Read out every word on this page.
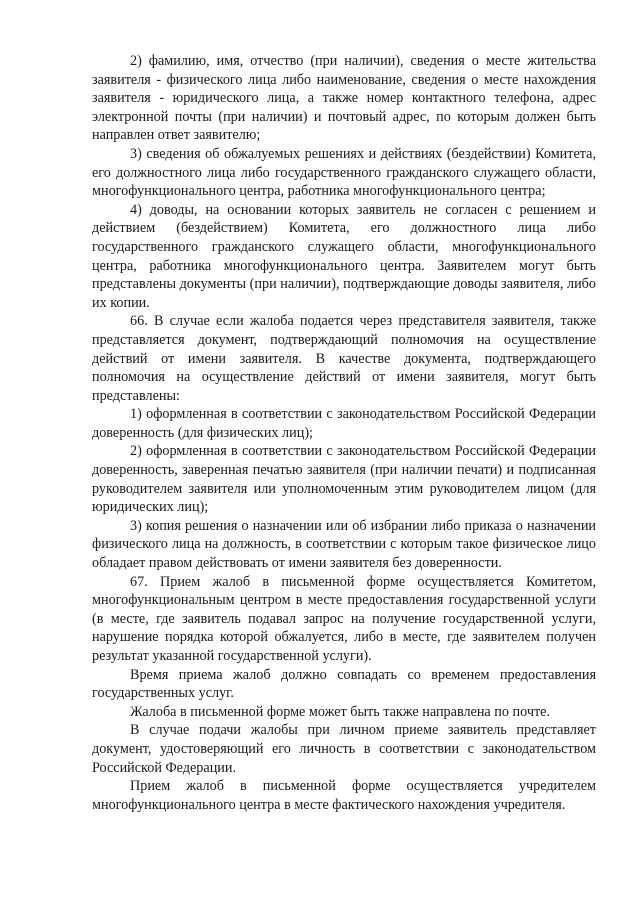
2) фамилию, имя, отчество (при наличии), сведения о месте жительства заявителя - физического лица либо наименование, сведения о месте нахождения заявителя - юридического лица, а также номер контактного телефона, адрес электронной почты (при наличии) и почтовый адрес, по которым должен быть направлен ответ заявителю;

3) сведения об обжалуемых решениях и действиях (бездействии) Комитета, его должностного лица либо государственного гражданского служащего области, многофункционального центра, работника многофункционального центра;

4) доводы, на основании которых заявитель не согласен с решением и действием (бездействием) Комитета, его должностного лица либо государственного гражданского служащего области, многофункционального центра, работника многофункционального центра. Заявителем могут быть представлены документы (при наличии), подтверждающие доводы заявителя, либо их копии.

66. В случае если жалоба подается через представителя заявителя, также представляется документ, подтверждающий полномочия на осуществление действий от имени заявителя. В качестве документа, подтверждающего полномочия на осуществление действий от имени заявителя, могут быть представлены:

1) оформленная в соответствии с законодательством Российской Федерации доверенность (для физических лиц);

2) оформленная в соответствии с законодательством Российской Федерации доверенность, заверенная печатью заявителя (при наличии печати) и подписанная руководителем заявителя или уполномоченным этим руководителем лицом (для юридических лиц);

3) копия решения о назначении или об избрании либо приказа о назначении физического лица на должность, в соответствии с которым такое физическое лицо обладает правом действовать от имени заявителя без доверенности.

67. Прием жалоб в письменной форме осуществляется Комитетом, многофункциональным центром в месте предоставления государственной услуги (в месте, где заявитель подавал запрос на получение государственной услуги, нарушение порядка которой обжалуется, либо в месте, где заявителем получен результат указанной государственной услуги).

Время приема жалоб должно совпадать со временем предоставления государственных услуг.

Жалоба в письменной форме может быть также направлена по почте.

В случае подачи жалобы при личном приеме заявитель представляет документ, удостоверяющий его личность в соответствии с законодательством Российской Федерации.

Прием жалоб в письменной форме осуществляется учредителем многофункционального центра в месте фактического нахождения учредителя.
